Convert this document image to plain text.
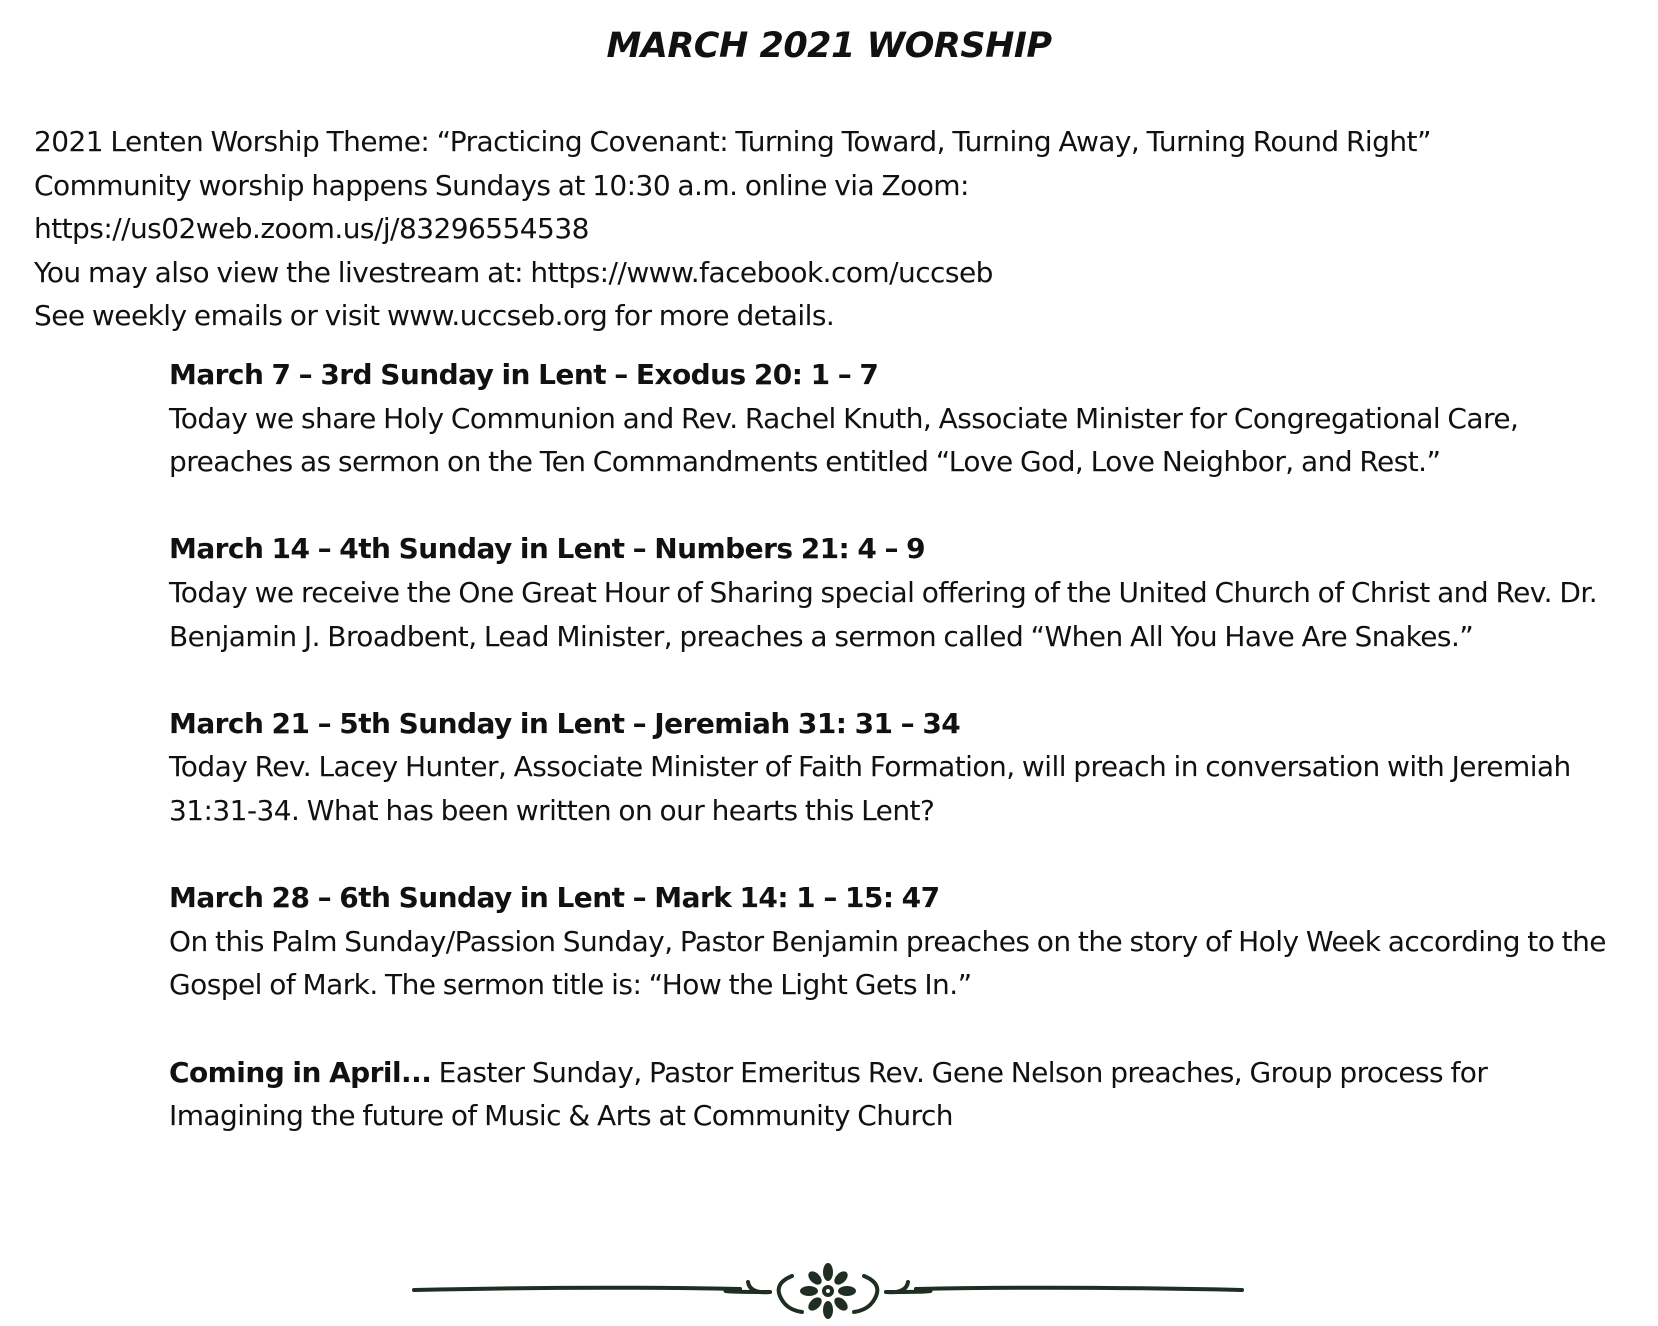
MARCH 2021 WORSHIP
2021 Lenten Worship Theme: “Practicing Covenant: Turning Toward, Turning Away, Turning Round Right”
Community worship happens Sundays at 10:30 a.m. online via Zoom:
https://us02web.zoom.us/j/83296554538
You may also view the livestream at: https://www.facebook.com/uccseb
See weekly emails or visit www.uccseb.org for more details.
March 7 – 3rd Sunday in Lent – Exodus 20: 1 – 7
Today we share Holy Communion and Rev. Rachel Knuth, Associate Minister for Congregational Care, preaches as sermon on the Ten Commandments entitled “Love God, Love Neighbor, and Rest.”
March 14 – 4th Sunday in Lent – Numbers 21: 4 – 9
Today we receive the One Great Hour of Sharing special offering of the United Church of Christ and Rev. Dr. Benjamin J. Broadbent, Lead Minister, preaches a sermon called “When All You Have Are Snakes.”
March 21 – 5th Sunday in Lent – Jeremiah 31: 31 – 34
Today Rev. Lacey Hunter, Associate Minister of Faith Formation, will preach in conversation with Jeremiah 31:31-34. What has been written on our hearts this Lent?
March 28 – 6th Sunday in Lent – Mark 14: 1 – 15: 47
On this Palm Sunday/Passion Sunday, Pastor Benjamin preaches on the story of Holy Week according to the Gospel of Mark. The sermon title is: “How the Light Gets In.”

Coming in April... Easter Sunday, Pastor Emeritus Rev. Gene Nelson preaches, Group process for Imagining the future of Music & Arts at Community Church
